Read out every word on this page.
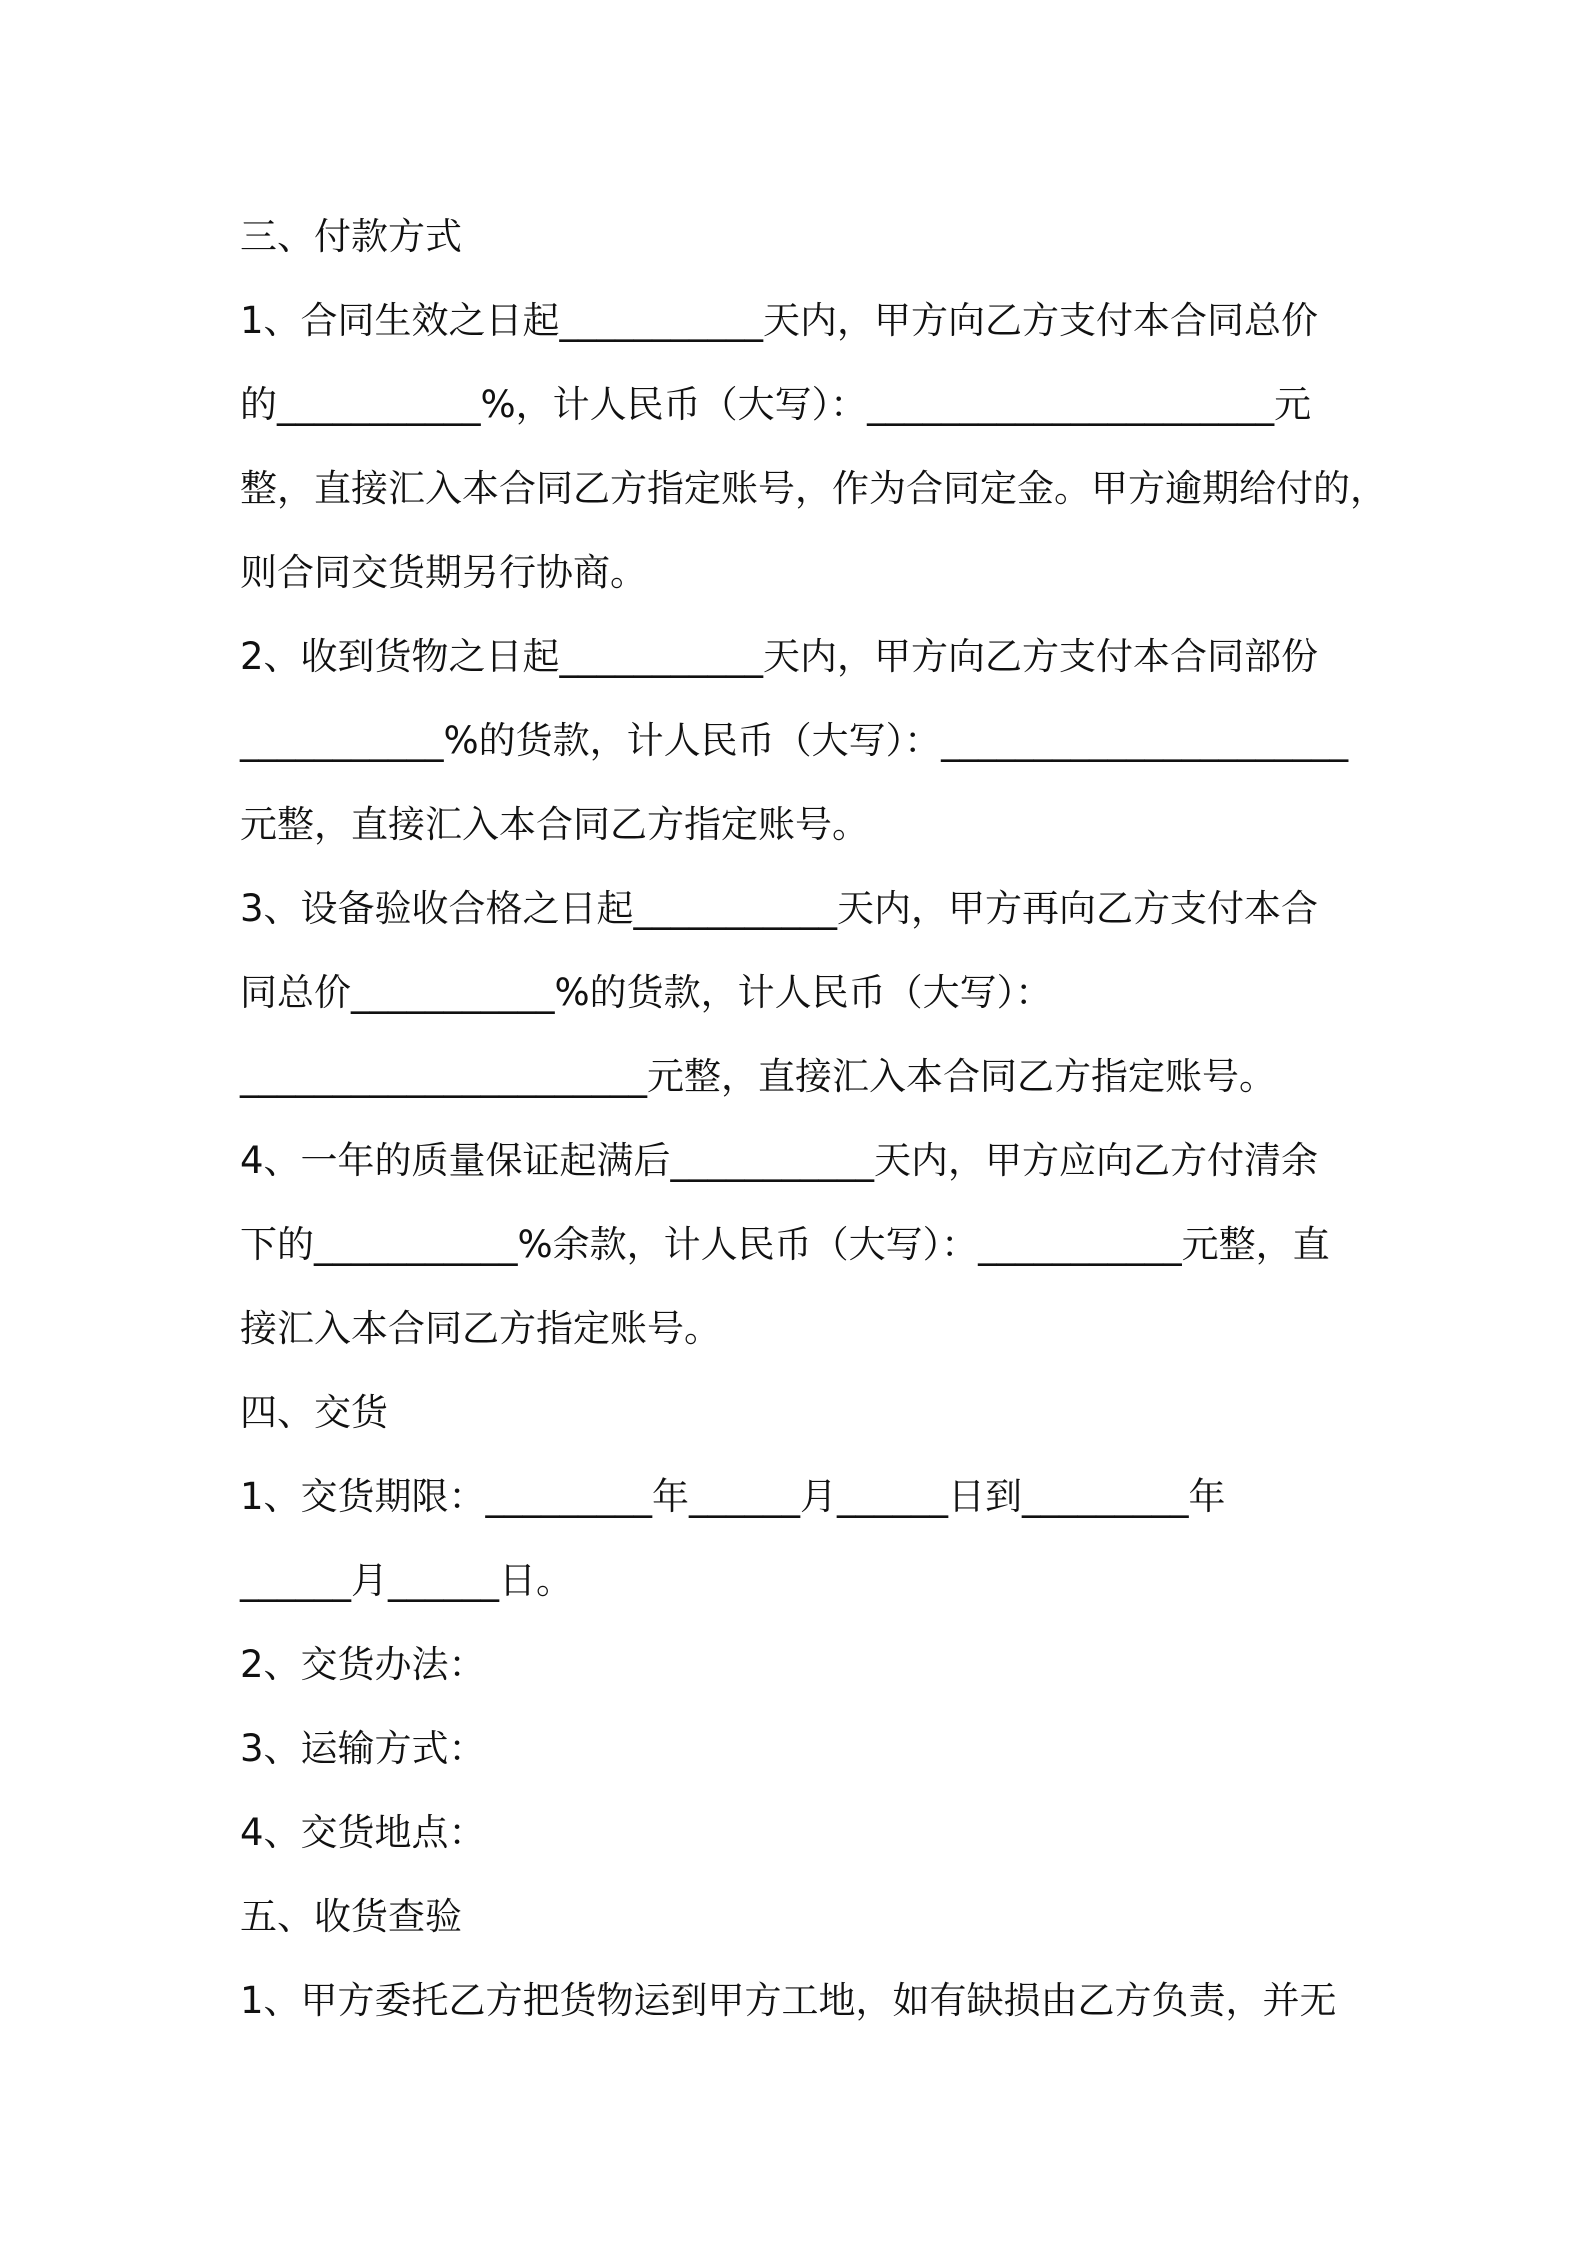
三、付款方式

1、合同生效之日起___________天内，甲方向乙方支付本合同总价

的___________%，计人民币（大写）：______________________元

整，直接汇入本合同乙方指定账号，作为合同定金。甲方逾期给付的，

则合同交货期另行协商。

2、收到货物之日起___________天内，甲方向乙方支付本合同部份

___________%的货款，计人民币（大写）：______________________

元整，直接汇入本合同乙方指定账号。

3、设备验收合格之日起___________天内，甲方再向乙方支付本合

同总价___________%的货款，计人民币（大写）：

______________________元整，直接汇入本合同乙方指定账号。

4、一年的质量保证起满后___________天内，甲方应向乙方付清余

下的___________%余款，计人民币（大写）：___________元整，直

接汇入本合同乙方指定账号。

四、交货

1、交货期限：_________年______月______日到_________年

______月______日。

2、交货办法：

3、运输方式：

4、交货地点：

五、收货查验

1、甲方委托乙方把货物运到甲方工地，如有缺损由乙方负责，并无
